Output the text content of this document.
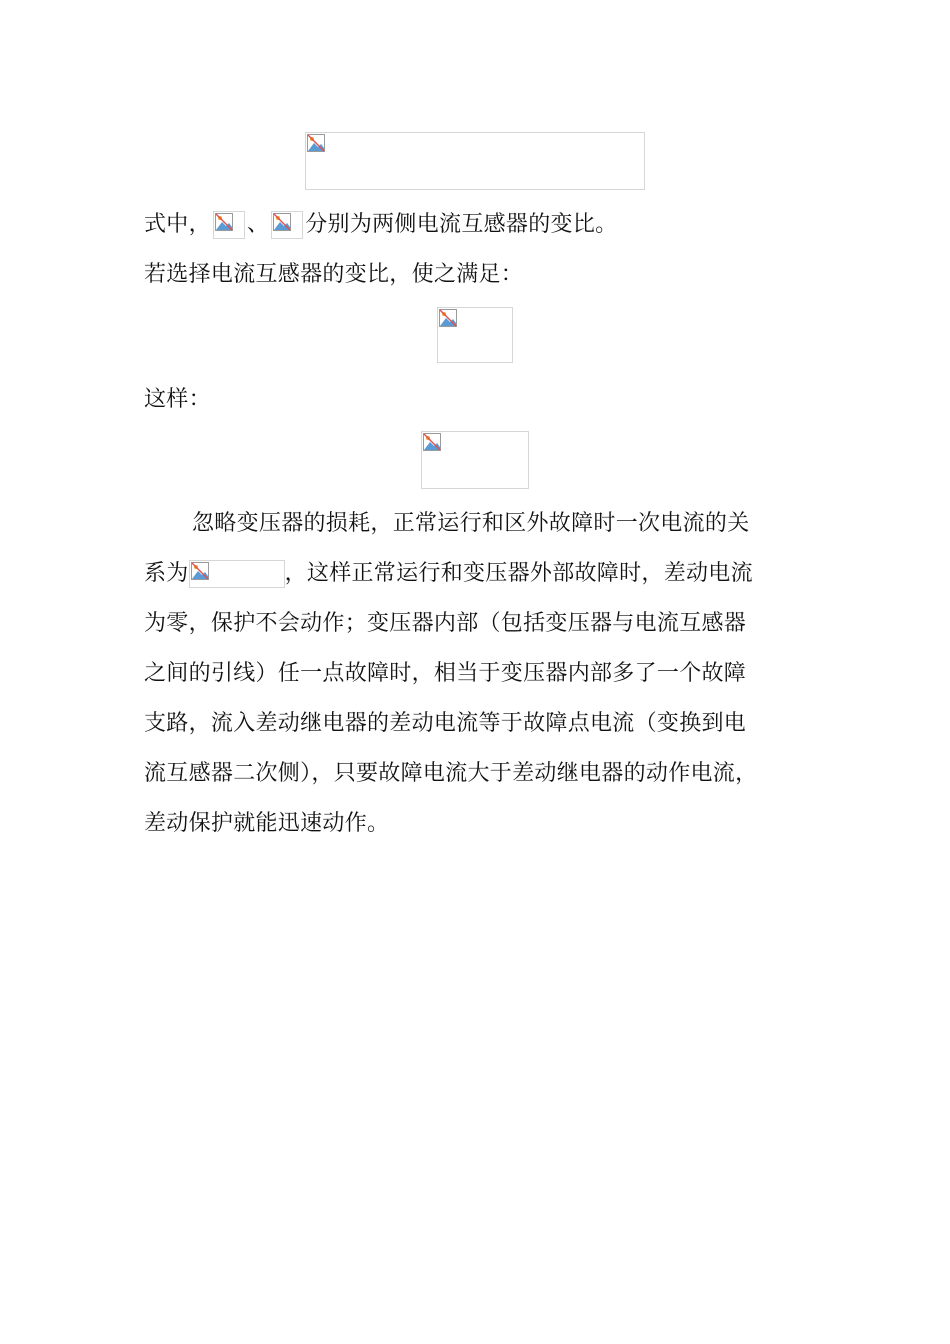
式中， 、 分别为两侧电流互感器的变比。
若选择电流互感器的变比，使之满足：
这样：
忽略变压器的损耗，正常运行和区外故障时一次电流的关
系为	，这样正常运行和变压器外部故障时，差动电流
为零，保护不会动作；变压器内部（包括变压器与电流互感器
之间的引线）任一点故障时，相当于变压器内部多了一个故障
支路，流入差动继电器的差动电流等于故障点电流（变换到电
流互感器二次侧），只要故障电流大于差动继电器的动作电流，
差动保护就能迅速动作。
